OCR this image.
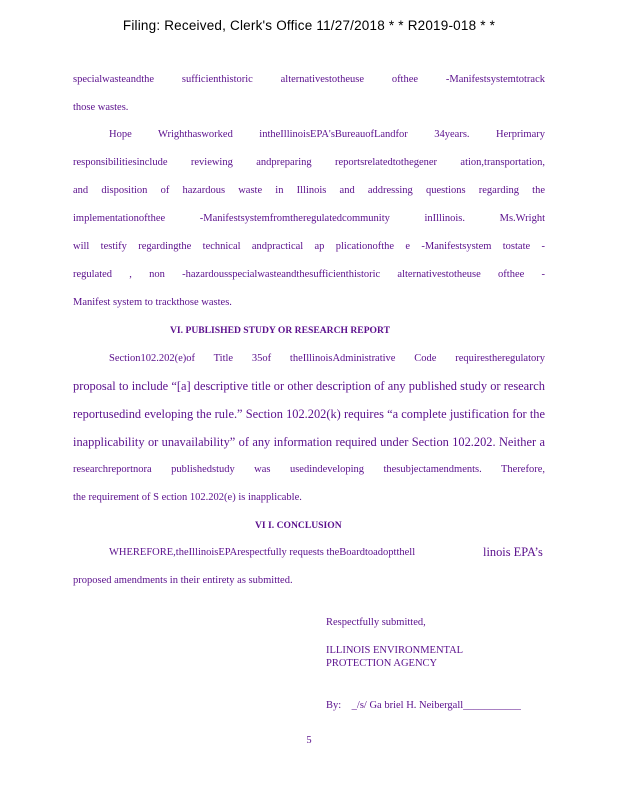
Filing: Received, Clerk's Office 11/27/2018 * * R2019-018 * *
specialwasteandthe sufficienthistoric alternativestotheuse ofthee -Manifestsystemtotrack
those wastes.
Hope Wrighthasworked intheIllinoisEPA'sBureauofLandfor 34years. Herprimary
responsibilitiesinclude reviewing andpreparing reportsrelatedtothegener ation,transportation,
and disposition of hazardous waste in Illinois and addressing questions regarding the
implementationofthee -Manifestsystemfromtheregulatedcommunity inIllinois. Ms.Wright
will testify regardingthe technical andpractical ap plicationofthe e -Manifestsystem tostate -
regulated , non -hazardousspecialwasteandthesufficienthistoric alternativestotheuse ofthee -
Manifest system to trackthose wastes.
VI. PUBLISHED STUDY OR RESEARCH REPORT
Section102.202(e)of Title 35of theIllinoisAdministrative Code requirestheregulatory
proposal to include “[a] descriptive title or other description of any published study or research
reportusedind eveloping the rule.” Section 102.202(k) requires “a complete justification for the
inapplicability or unavailability” of any information required under Section 102.202. Neither a
researchreportnora publishedstudy was usedindeveloping thesubjectamendments. Therefore,
the requirement of S ection 102.202(e) is inapplicable.
VI I. CONCLUSION
WHEREFORE,theIllinoisEPArespectfully requests theBoardtoadoptthell	linois EPA’s
proposed amendments in their entirety as submitted.
Respectfully submitted,
ILLINOIS ENVIRONMENTAL
PROTECTION AGENCY
By: _/s/ Ga briel H. Neibergall___________
5
